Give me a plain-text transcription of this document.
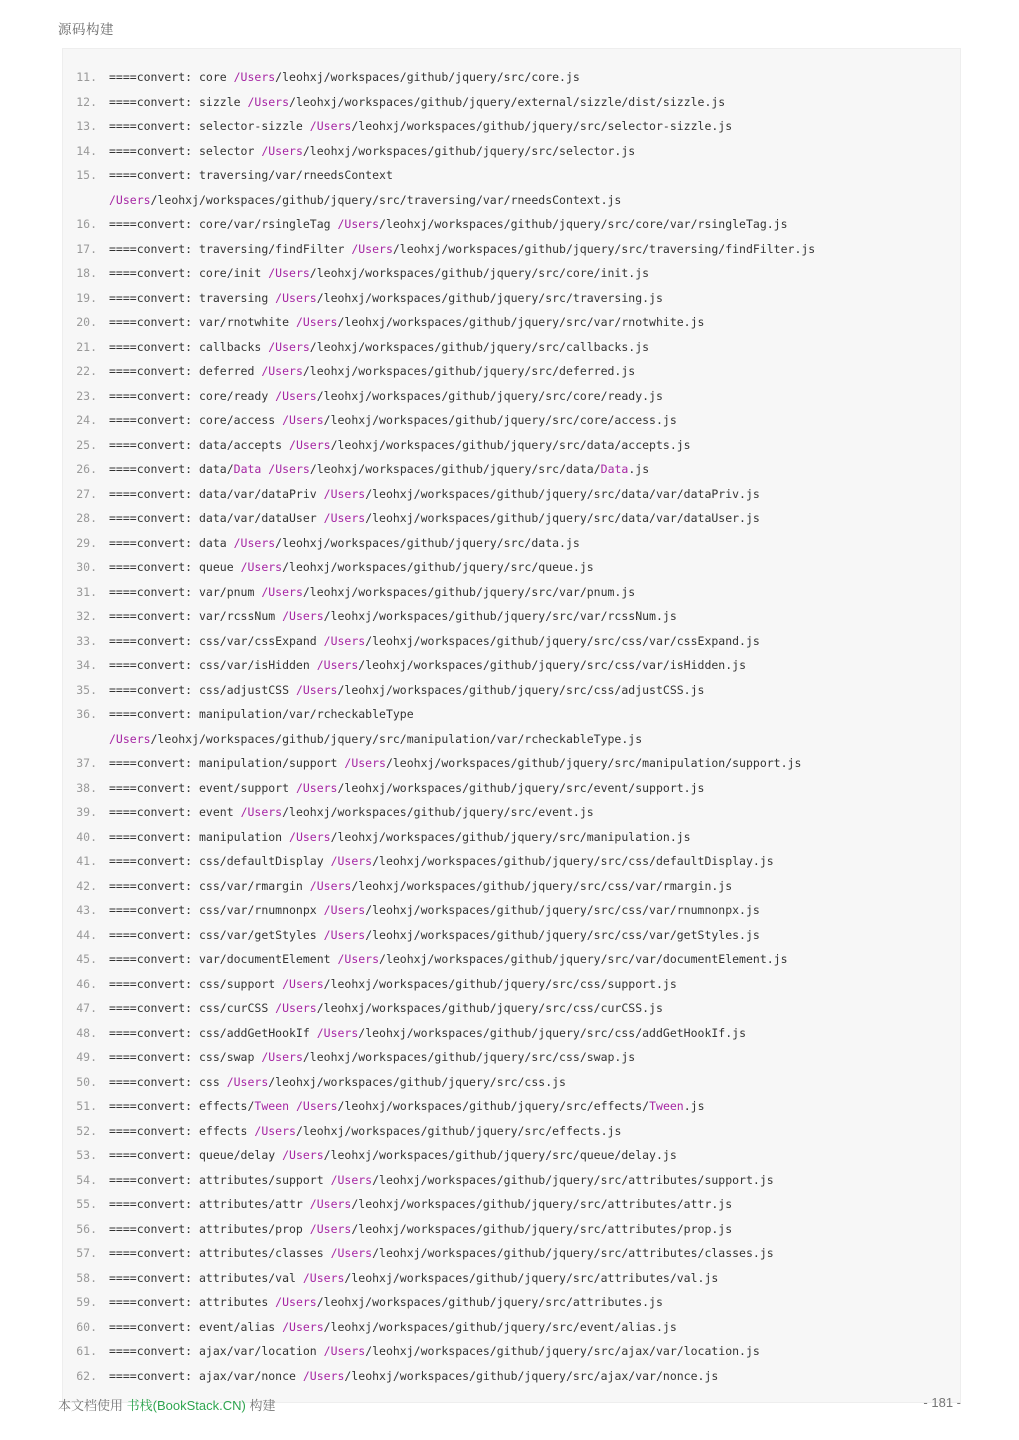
源码构建
11.	====convert: core /Users/leohxj/workspaces/github/jquery/src/core.js
12.	====convert: sizzle /Users/leohxj/workspaces/github/jquery/external/sizzle/dist/sizzle.js
13.	====convert: selector-sizzle /Users/leohxj/workspaces/github/jquery/src/selector-sizzle.js
14.	====convert: selector /Users/leohxj/workspaces/github/jquery/src/selector.js
15.	====convert: traversing/var/rneedsContext
/Users/leohxj/workspaces/github/jquery/src/traversing/var/rneedsContext.js
16.	====convert: core/var/rsingleTag /Users/leohxj/workspaces/github/jquery/src/core/var/rsingleTag.js
17.	====convert: traversing/findFilter /Users/leohxj/workspaces/github/jquery/src/traversing/findFilter.js
18.	====convert: core/init /Users/leohxj/workspaces/github/jquery/src/core/init.js
19.	====convert: traversing /Users/leohxj/workspaces/github/jquery/src/traversing.js
20.	====convert: var/rnotwhite /Users/leohxj/workspaces/github/jquery/src/var/rnotwhite.js
21.	====convert: callbacks /Users/leohxj/workspaces/github/jquery/src/callbacks.js
22.	====convert: deferred /Users/leohxj/workspaces/github/jquery/src/deferred.js
23.	====convert: core/ready /Users/leohxj/workspaces/github/jquery/src/core/ready.js
24.	====convert: core/access /Users/leohxj/workspaces/github/jquery/src/core/access.js
25.	====convert: data/accepts /Users/leohxj/workspaces/github/jquery/src/data/accepts.js
26.	====convert: data/Data /Users/leohxj/workspaces/github/jquery/src/data/Data.js
27.	====convert: data/var/dataPriv /Users/leohxj/workspaces/github/jquery/src/data/var/dataPriv.js
28.	====convert: data/var/dataUser /Users/leohxj/workspaces/github/jquery/src/data/var/dataUser.js
29.	====convert: data /Users/leohxj/workspaces/github/jquery/src/data.js
30.	====convert: queue /Users/leohxj/workspaces/github/jquery/src/queue.js
31.	====convert: var/pnum /Users/leohxj/workspaces/github/jquery/src/var/pnum.js
32.	====convert: var/rcssNum /Users/leohxj/workspaces/github/jquery/src/var/rcssNum.js
33.	====convert: css/var/cssExpand /Users/leohxj/workspaces/github/jquery/src/css/var/cssExpand.js
34.	====convert: css/var/isHidden /Users/leohxj/workspaces/github/jquery/src/css/var/isHidden.js
35.	====convert: css/adjustCSS /Users/leohxj/workspaces/github/jquery/src/css/adjustCSS.js
36.	====convert: manipulation/var/rcheckableType
/Users/leohxj/workspaces/github/jquery/src/manipulation/var/rcheckableType.js
37.	====convert: manipulation/support /Users/leohxj/workspaces/github/jquery/src/manipulation/support.js
38.	====convert: event/support /Users/leohxj/workspaces/github/jquery/src/event/support.js
39.	====convert: event /Users/leohxj/workspaces/github/jquery/src/event.js
40.	====convert: manipulation /Users/leohxj/workspaces/github/jquery/src/manipulation.js
41.	====convert: css/defaultDisplay /Users/leohxj/workspaces/github/jquery/src/css/defaultDisplay.js
42.	====convert: css/var/rmargin /Users/leohxj/workspaces/github/jquery/src/css/var/rmargin.js
43.	====convert: css/var/rnumnonpx /Users/leohxj/workspaces/github/jquery/src/css/var/rnumnonpx.js
44.	====convert: css/var/getStyles /Users/leohxj/workspaces/github/jquery/src/css/var/getStyles.js
45.	====convert: var/documentElement /Users/leohxj/workspaces/github/jquery/src/var/documentElement.js
46.	====convert: css/support /Users/leohxj/workspaces/github/jquery/src/css/support.js
47.	====convert: css/curCSS /Users/leohxj/workspaces/github/jquery/src/css/curCSS.js
48.	====convert: css/addGetHookIf /Users/leohxj/workspaces/github/jquery/src/css/addGetHookIf.js
49.	====convert: css/swap /Users/leohxj/workspaces/github/jquery/src/css/swap.js
50.	====convert: css /Users/leohxj/workspaces/github/jquery/src/css.js
51.	====convert: effects/Tween /Users/leohxj/workspaces/github/jquery/src/effects/Tween.js
52.	====convert: effects /Users/leohxj/workspaces/github/jquery/src/effects.js
53.	====convert: queue/delay /Users/leohxj/workspaces/github/jquery/src/queue/delay.js
54.	====convert: attributes/support /Users/leohxj/workspaces/github/jquery/src/attributes/support.js
55.	====convert: attributes/attr /Users/leohxj/workspaces/github/jquery/src/attributes/attr.js
56.	====convert: attributes/prop /Users/leohxj/workspaces/github/jquery/src/attributes/prop.js
57.	====convert: attributes/classes /Users/leohxj/workspaces/github/jquery/src/attributes/classes.js
58.	====convert: attributes/val /Users/leohxj/workspaces/github/jquery/src/attributes/val.js
59.	====convert: attributes /Users/leohxj/workspaces/github/jquery/src/attributes.js
60.	====convert: event/alias /Users/leohxj/workspaces/github/jquery/src/event/alias.js
61.	====convert: ajax/var/location /Users/leohxj/workspaces/github/jquery/src/ajax/var/location.js
62.	====convert: ajax/var/nonce /Users/leohxj/workspaces/github/jquery/src/ajax/var/nonce.js
本文档使用 书栈(BookStack.CN) 构建	- 181 -
